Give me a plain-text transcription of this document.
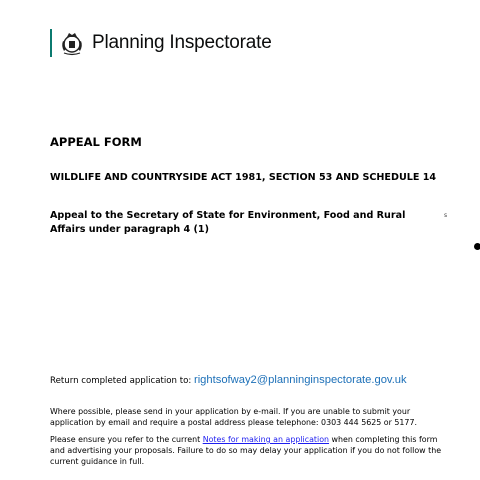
Planning Inspectorate
APPEAL FORM
WILDLIFE AND COUNTRYSIDE ACT 1981, SECTION 53 AND SCHEDULE 14
Appeal to the Secretary of State for Environment, Food and Rural Affairs under paragraph 4 (1)
s
Return completed application to: rightsofway2@planninginspectorate.gov.uk
Where possible, please send in your application by e-mail. If you are unable to submit your application by email and require a postal address please telephone: 0303 444 5625 or 5177.
Please ensure you refer to the current Notes for making an application when completing this form and advertising your proposals. Failure to do so may delay your application if you do not follow the current guidance in full.
